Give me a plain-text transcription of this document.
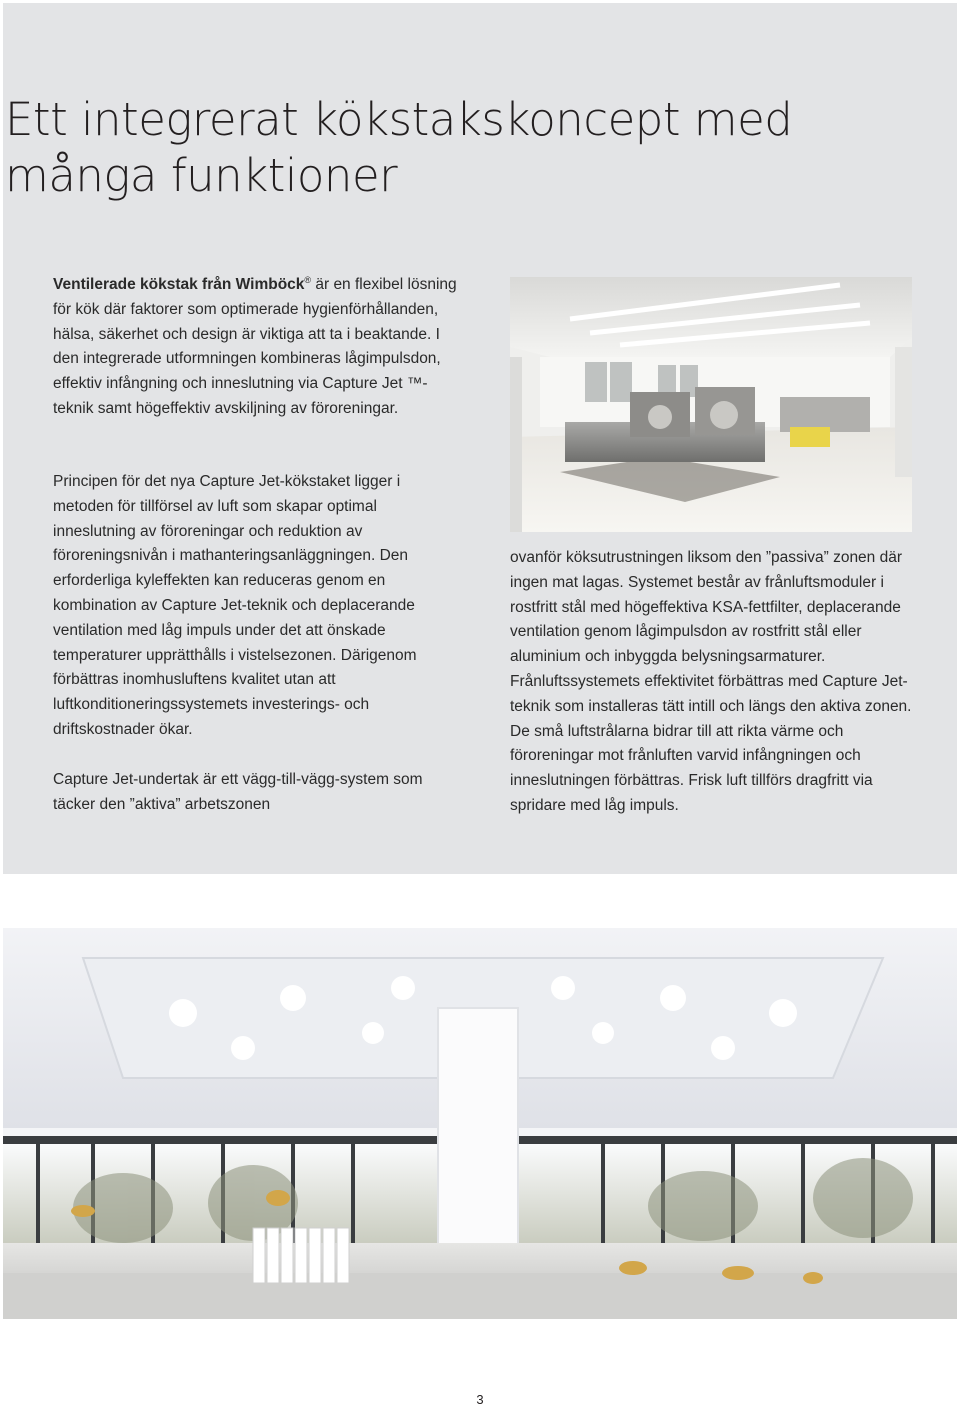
Ett integrerat kökstakskoncept med
många funktioner

Ventilerade kökstak från Wimböck® är en flexibel lösning för kök där faktorer som optimerade hygienförhållanden, hälsa, säkerhet och design är viktiga att ta i beaktande. I den integrerade utformningen kombineras lågimpulsdon, effektiv infångning och inneslutning via Capture Jet ™-teknik samt högeffektiv avskiljning av föroreningar.

Principen för det nya Capture Jet-kökstaket ligger i metoden för tillförsel av luft som skapar optimal inneslutning av föroreningar och reduktion av föroreningsnivån i mathanteringsanläggningen. Den erforderliga kyleffekten kan reduceras genom en kombination av Capture Jet-teknik och deplacerande ventilation med låg impuls under det att önskade temperaturer upprätthålls i vistelsezonen. Därigenom förbättras inomhusluftens kvalitet utan att luftkonditioneringssystemets investerings- och driftskostnader ökar.

Capture Jet-undertak är ett vägg-till-vägg-system som täcker den ”aktiva” arbetszonen

ovanför köksutrustningen liksom den ”passiva” zonen där ingen mat lagas. Systemet består av frånluftsmoduler i rostfritt stål med högeffektiva KSA-fettfilter, deplacerande ventilation genom lågimpulsdon av rostfritt stål eller aluminium och inbyggda belysningsarmaturer. Frånluftssystemets effektivitet förbättras med Capture Jet-teknik som installeras tätt intill och längs den aktiva zonen. De små luftstrålarna bidrar till att rikta värme och föroreningar mot frånluften varvid infångningen och inneslutningen förbättras. Frisk luft tillförs dragfritt via spridare med låg impuls.

3
